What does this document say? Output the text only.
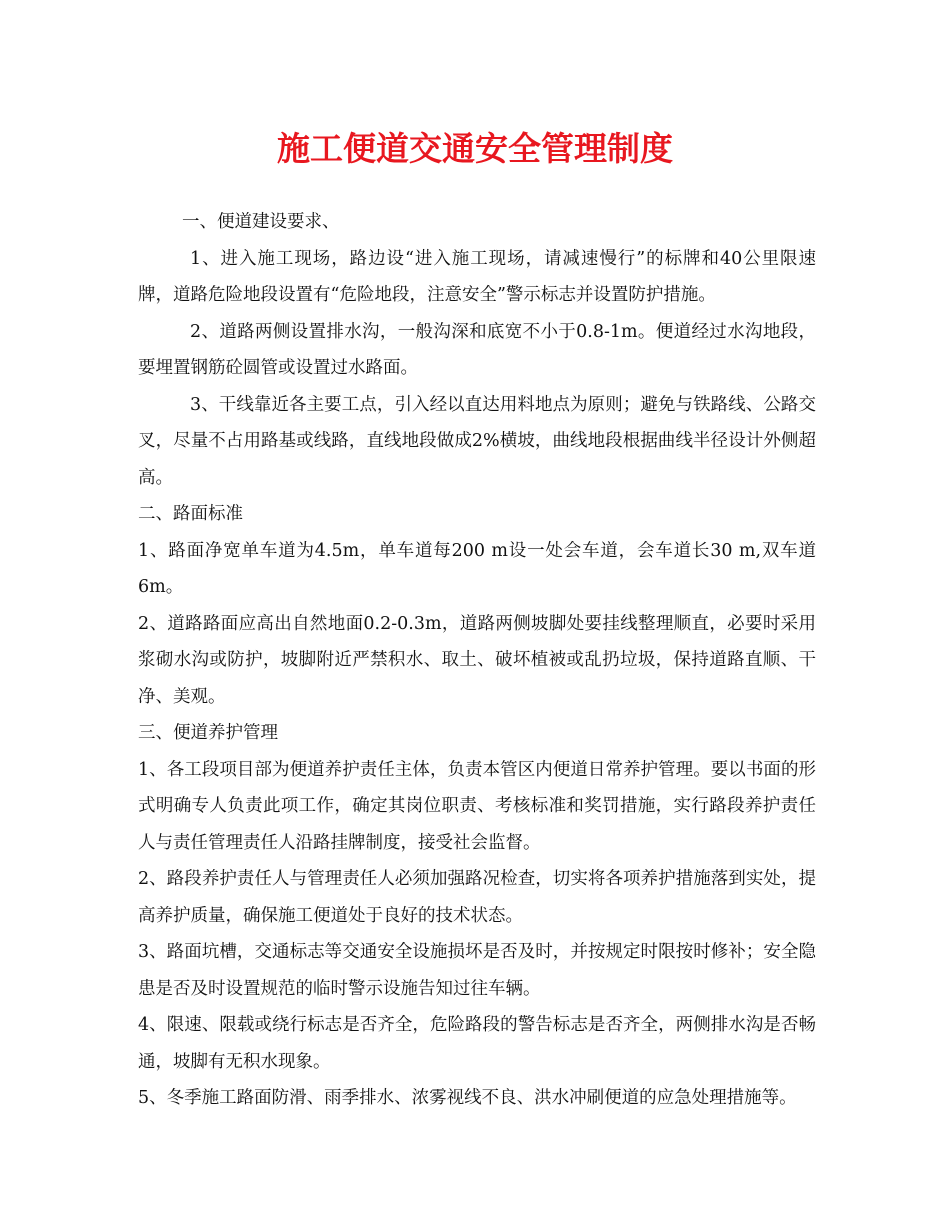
施工便道交通安全管理制度

一、便道建设要求、

1、进入施工现场，路边设“进入施工现场，请减速慢行”的标牌和40公里限速牌，道路危险地段设置有“危险地段，注意安全”警示标志并设置防护措施。

2、道路两侧设置排水沟，一般沟深和底宽不小于0.8-1m。便道经过水沟地段，要埋置钢筋砼圆管或设置过水路面。

3、干线靠近各主要工点，引入经以直达用料地点为原则；避免与铁路线、公路交叉，尽量不占用路基或线路，直线地段做成2%横坡，曲线地段根据曲线半径设计外侧超高。

二、路面标准

1、路面净宽单车道为4.5m，单车道每200 m设一处会车道，会车道长30 m,双车道6m。

2、道路路面应高出自然地面0.2-0.3m，道路两侧坡脚处要挂线整理顺直，必要时采用浆砌水沟或防护，坡脚附近严禁积水、取土、破坏植被或乱扔垃圾，保持道路直顺、干净、美观。

三、便道养护管理

1、各工段项目部为便道养护责任主体，负责本管区内便道日常养护管理。要以书面的形式明确专人负责此项工作，确定其岗位职责、考核标准和奖罚措施，实行路段养护责任人与责任管理责任人沿路挂牌制度，接受社会监督。

2、路段养护责任人与管理责任人必须加强路况检查，切实将各项养护措施落到实处，提高养护质量，确保施工便道处于良好的技术状态。

3、路面坑槽，交通标志等交通安全设施损坏是否及时，并按规定时限按时修补；安全隐患是否及时设置规范的临时警示设施告知过往车辆。

4、限速、限载或绕行标志是否齐全，危险路段的警告标志是否齐全，两侧排水沟是否畅通，坡脚有无积水现象。

5、冬季施工路面防滑、雨季排水、浓雾视线不良、洪水冲刷便道的应急处理措施等。
